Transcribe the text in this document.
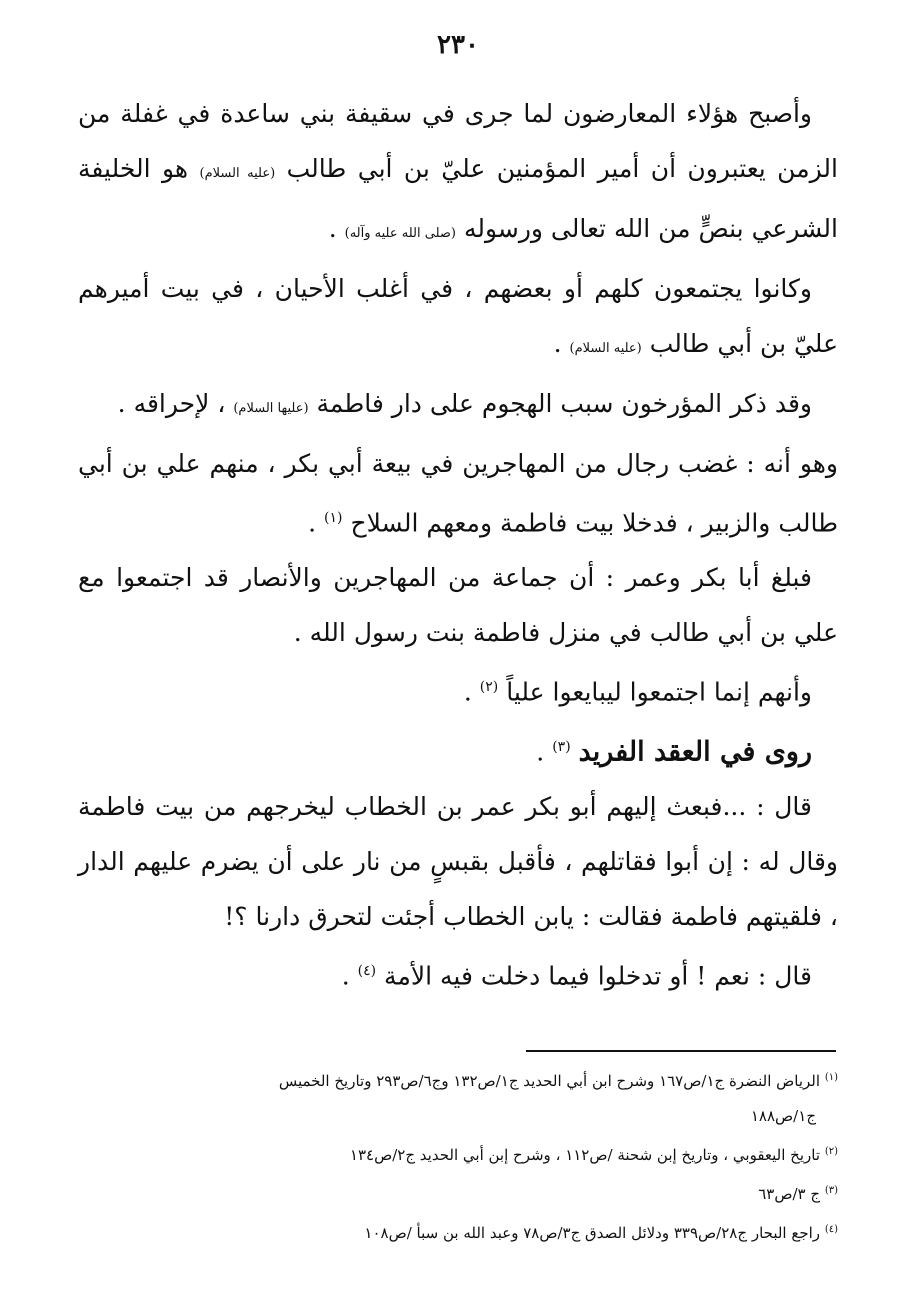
٢٣٠

وأصبح هؤلاء المعارضون لما جرى في سقيفة بني ساعدة في غفلة من الزمن يعتبرون أن أمير المؤمنين عليّ بن أبي طالب (عليه السلام) هو الخليفة الشرعي بنصٍّ من الله تعالى ورسوله (صلى الله عليه وآله) .

وكانوا يجتمعون كلهم أو بعضهم ، في أغلب الأحيان ، في بيت أميرهم عليّ بن أبي طالب (عليه السلام) .

وقد ذكر المؤرخون سبب الهجوم على دار فاطمة (عليها السلام) ، لإحراقه .

وهو أنه : غضب رجال من المهاجرين في بيعة أبي بكر ، منهم علي بن أبي طالب والزبير ، فدخلا بيت فاطمة ومعهم السلاح $^{(١)}$ .

فبلغ أبا بكر وعمر : أن جماعة من المهاجرين والأنصار قد اجتمعوا مع علي بن أبي طالب في منزل فاطمة بنت رسول الله .

وأنهم إنما اجتمعوا ليبايعوا علياً $^{(٢)}$ .

روى في العقد الفريد $^{(٣)}$ .

قال : ...فبعث إليهم أبو بكر عمر بن الخطاب ليخرجهم من بيت فاطمة وقال له : إن أبوا فقاتلهم ، فأقبل بقبسٍ من نار على أن يضرم عليهم الدار ، فلقيتهم فاطمة فقالت : يابن الخطاب أجئت لتحرق دارنا ؟!

قال : نعم ! أو تدخلوا فيما دخلت فيه الأمة $^{(٤)}$ .

$^{(١)}$ الرياض النضرة ج١/ص١٦٧ وشرح ابن أبي الحديد ج١/ص١٣٢ وج٦/ص٢٩٣ وتاريخ الخميس

ج١/ص١٨٨

$^{(٢)}$ تاريخ اليعقوبي ، وتاريخ إبن شحنة /ص١١٢ ، وشرح إبن أبي الحديد ج٢/ص١٣٤

$^{(٣)}$ ج ٣/ص٦٣

$^{(٤)}$ راجع البحار ج٢٨/ص٣٣٩ ودلائل الصدق ج٣/ص٧٨ وعبد الله بن سبأ /ص١٠٨
